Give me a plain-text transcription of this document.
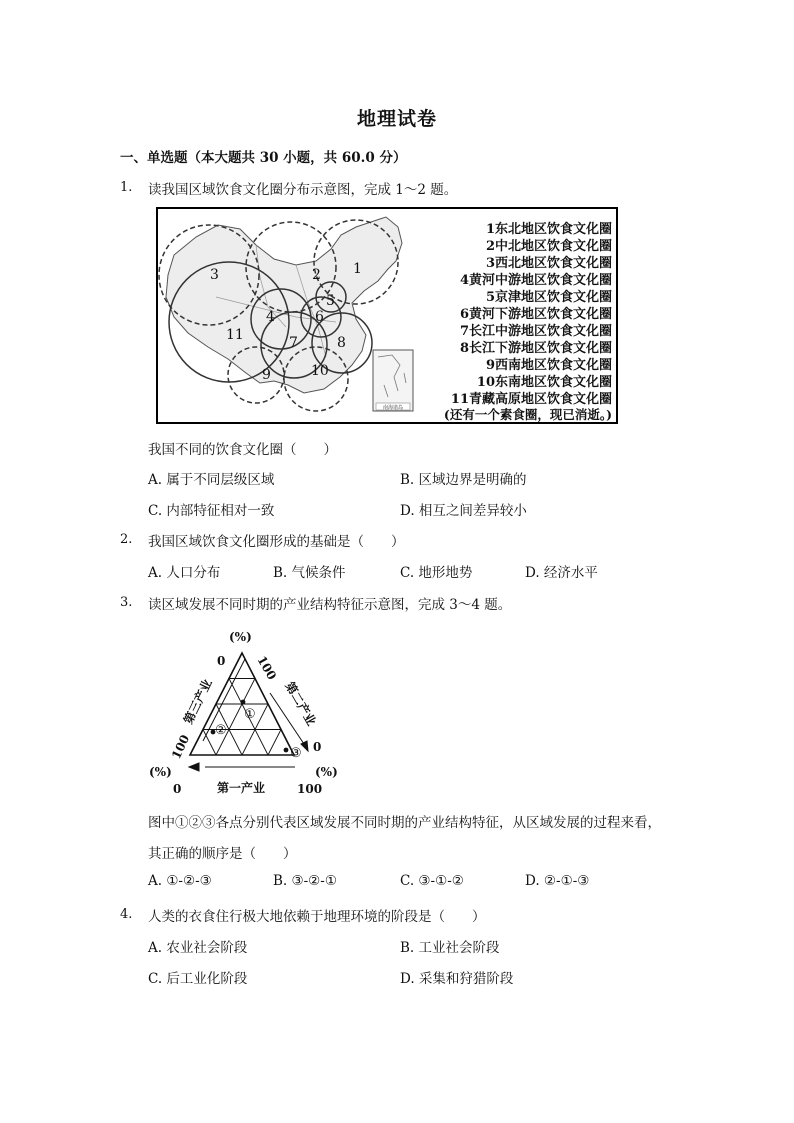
地理试卷
一、单选题（本大题共 30 小题，共 60.0 分）
1. 读我国区域饮食文化圈分布示意图，完成 1～2 题。
1
2
3
4
5
6
7	8
9	10
11
南海诸岛
1东北地区饮食文化圈
2中北地区饮食文化圈
3西北地区饮食文化圈
4黄河中游地区饮食文化圈
5京津地区饮食文化圈
6黄河下游地区饮食文化圈
7长江中游地区饮食文化圈
8长江下游地区饮食文化圈
9西南地区饮食文化圈
10东南地区饮食文化圈
11青藏高原地区饮食文化圈
(还有一个素食圈，现已消逝。)
我国不同的饮食文化圈（　　）
A. 属于不同层级区域	B. 区域边界是明确的
C. 内部特征相对一致	D. 相互之间差异较小
2. 我国区域饮食文化圈形成的基础是（　　）
A. 人口分布	B. 气候条件	C. 地形地势	D. 经济水平
3. 读区域发展不同时期的产业结构特征示意图，完成 3～4 题。
①
②
③
(%)
(%)	(%)
0
0
0
100
100
100
第一产业
第三产业	第二产业
图中①②③各点分别代表区域发展不同时期的产业结构特征，从区域发展的过程来看，
其正确的顺序是（　　）
A. ①-②-③	B. ③-②-①	C. ③-①-②	D. ②-①-③
4. 人类的衣食住行极大地依赖于地理环境的阶段是（　　）
A. 农业社会阶段	B. 工业社会阶段
C. 后工业化阶段	D. 采集和狩猎阶段
